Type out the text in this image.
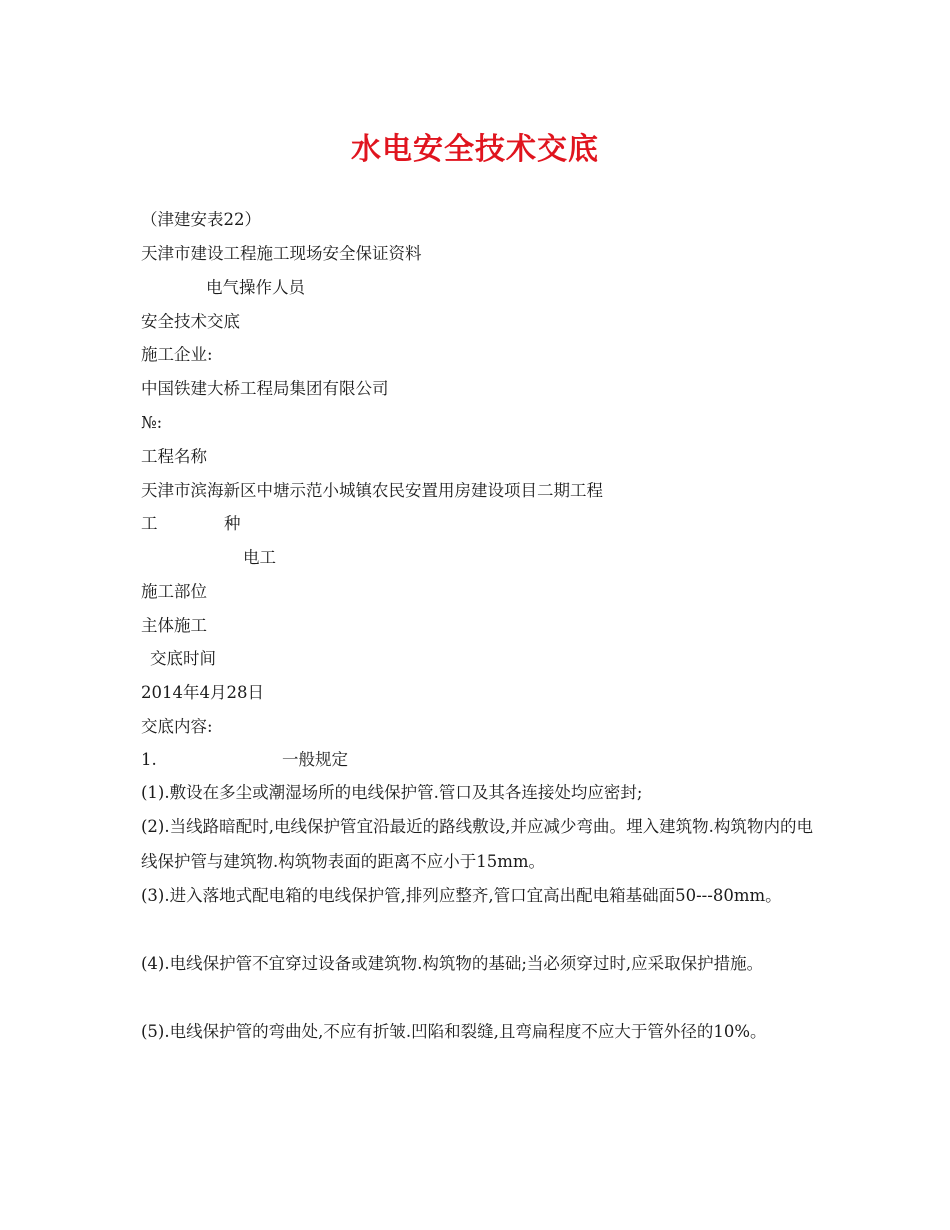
水电安全技术交底
（津建安表22）
天津市建设工程施工现场安全保证资料
电气操作人员
安全技术交底
施工企业:
中国铁建大桥工程局集团有限公司
№:
工程名称
天津市滨海新区中塘示范小城镇农民安置用房建设项目二期工程
工	种
电工
施工部位
主体施工
交底时间
2014年4月28日
交底内容:
1.	一般规定
(1).敷设在多尘或潮湿场所的电线保护管.管口及其各连接处均应密封;
(2).当线路暗配时,电线保护管宜沿最近的路线敷设,并应减少弯曲。埋入建筑物.构筑物内的电线保护管与建筑物.构筑物表面的距离不应小于15mm。
(3).进入落地式配电箱的电线保护管,排列应整齐,管口宜高出配电箱基础面50---80mm。
(4).电线保护管不宜穿过设备或建筑物.构筑物的基础;当必须穿过时,应采取保护措施。
(5).电线保护管的弯曲处,不应有折皱.凹陷和裂缝,且弯扁程度不应大于管外径的10%。
